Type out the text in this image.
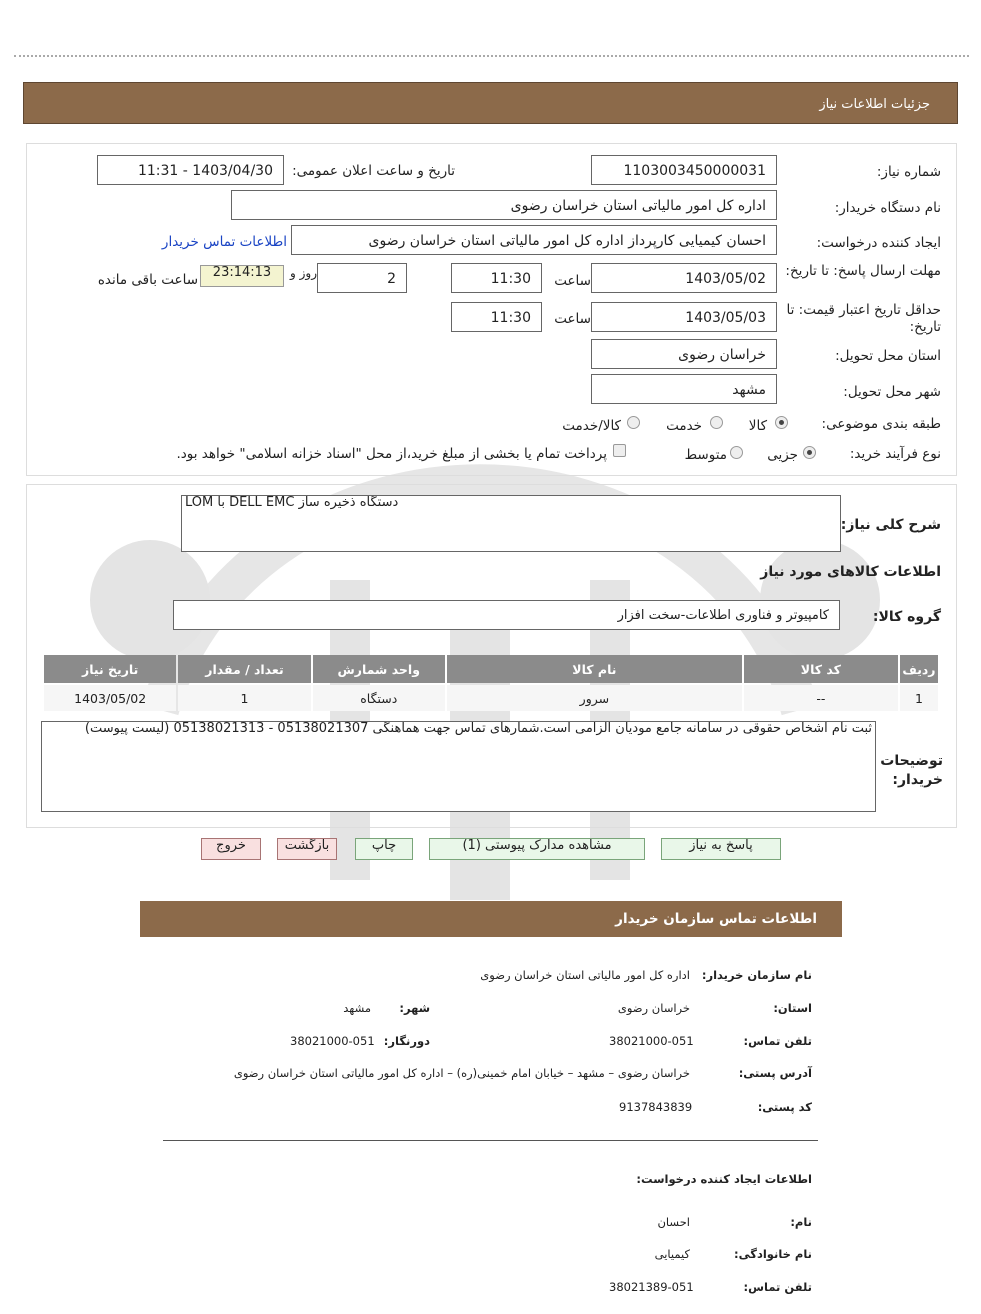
جزئیات اطلاعات نیاز
شماره نیاز:
1103003450000031
تاریخ و ساعت اعلان عمومی:
1403/04/30 - 11:31
نام دستگاه خریدار:
اداره کل امور مالیاتی استان خراسان رضوی
ایجاد کننده درخواست:
احسان کیمیایی کارپرداز اداره کل امور مالیاتی استان خراسان رضوی
اطلاعات تماس خریدار
مهلت ارسال پاسخ: تا تاریخ:
1403/05/02
ساعت
11:30
2
روز و
23:14:13
ساعت باقی مانده
حداقل تاریخ اعتبار قیمت: تا تاریخ:
1403/05/03
ساعت
11:30
استان محل تحویل:
خراسان رضوی
شهر محل تحویل:
مشهد
طبقه بندی موضوعی:
کالا
خدمت
کالا/خدمت
نوع فرآیند خرید:
جزیی
متوسط
پرداخت تمام یا بخشی از مبلغ خرید،از محل "اسناد خزانه اسلامی" خواهد بود.
شرح کلی نیاز:
دستگاه ذخیره ساز DELL EMC با LOM
اطلاعات کالاهای مورد نیاز
گروه کالا:
کامپیوتر و فناوری اطلاعات-سخت افزار
ردیف	کد کالا	نام کالا	واحد شمارش	تعداد / مقدار	تاریخ نیاز
1	--	سرور	دستگاه	1	1403/05/02
توضیحات خریدار:
ثبت نام اشخاص حقوقی در سامانه جامع مودیان الزامی است.شمارهای تماس جهت هماهنگی 05138021307 - 05138021313 (لیست پیوست)
پاسخ به نیاز
مشاهده مدارک پیوستی (1)
چاپ
بازگشت
خروج
اطلاعات تماس سازمان خریدار
نام سازمان خریدار:
اداره کل امور مالیاتی استان خراسان رضوی
استان:
خراسان رضوی
شهر:
مشهد
تلفن تماس:
38021000-051
دورنگار:
38021000-051
آدرس پستی:
خراسان رضوی – مشهد – خیابان امام خمینی(ره) – اداره کل امور مالیاتی استان خراسان رضوی
کد پستی:
9137843839
اطلاعات ایجاد کننده درخواست:
نام:
احسان
نام خانوادگی:
کیمیایی
تلفن تماس:
38021389-051
